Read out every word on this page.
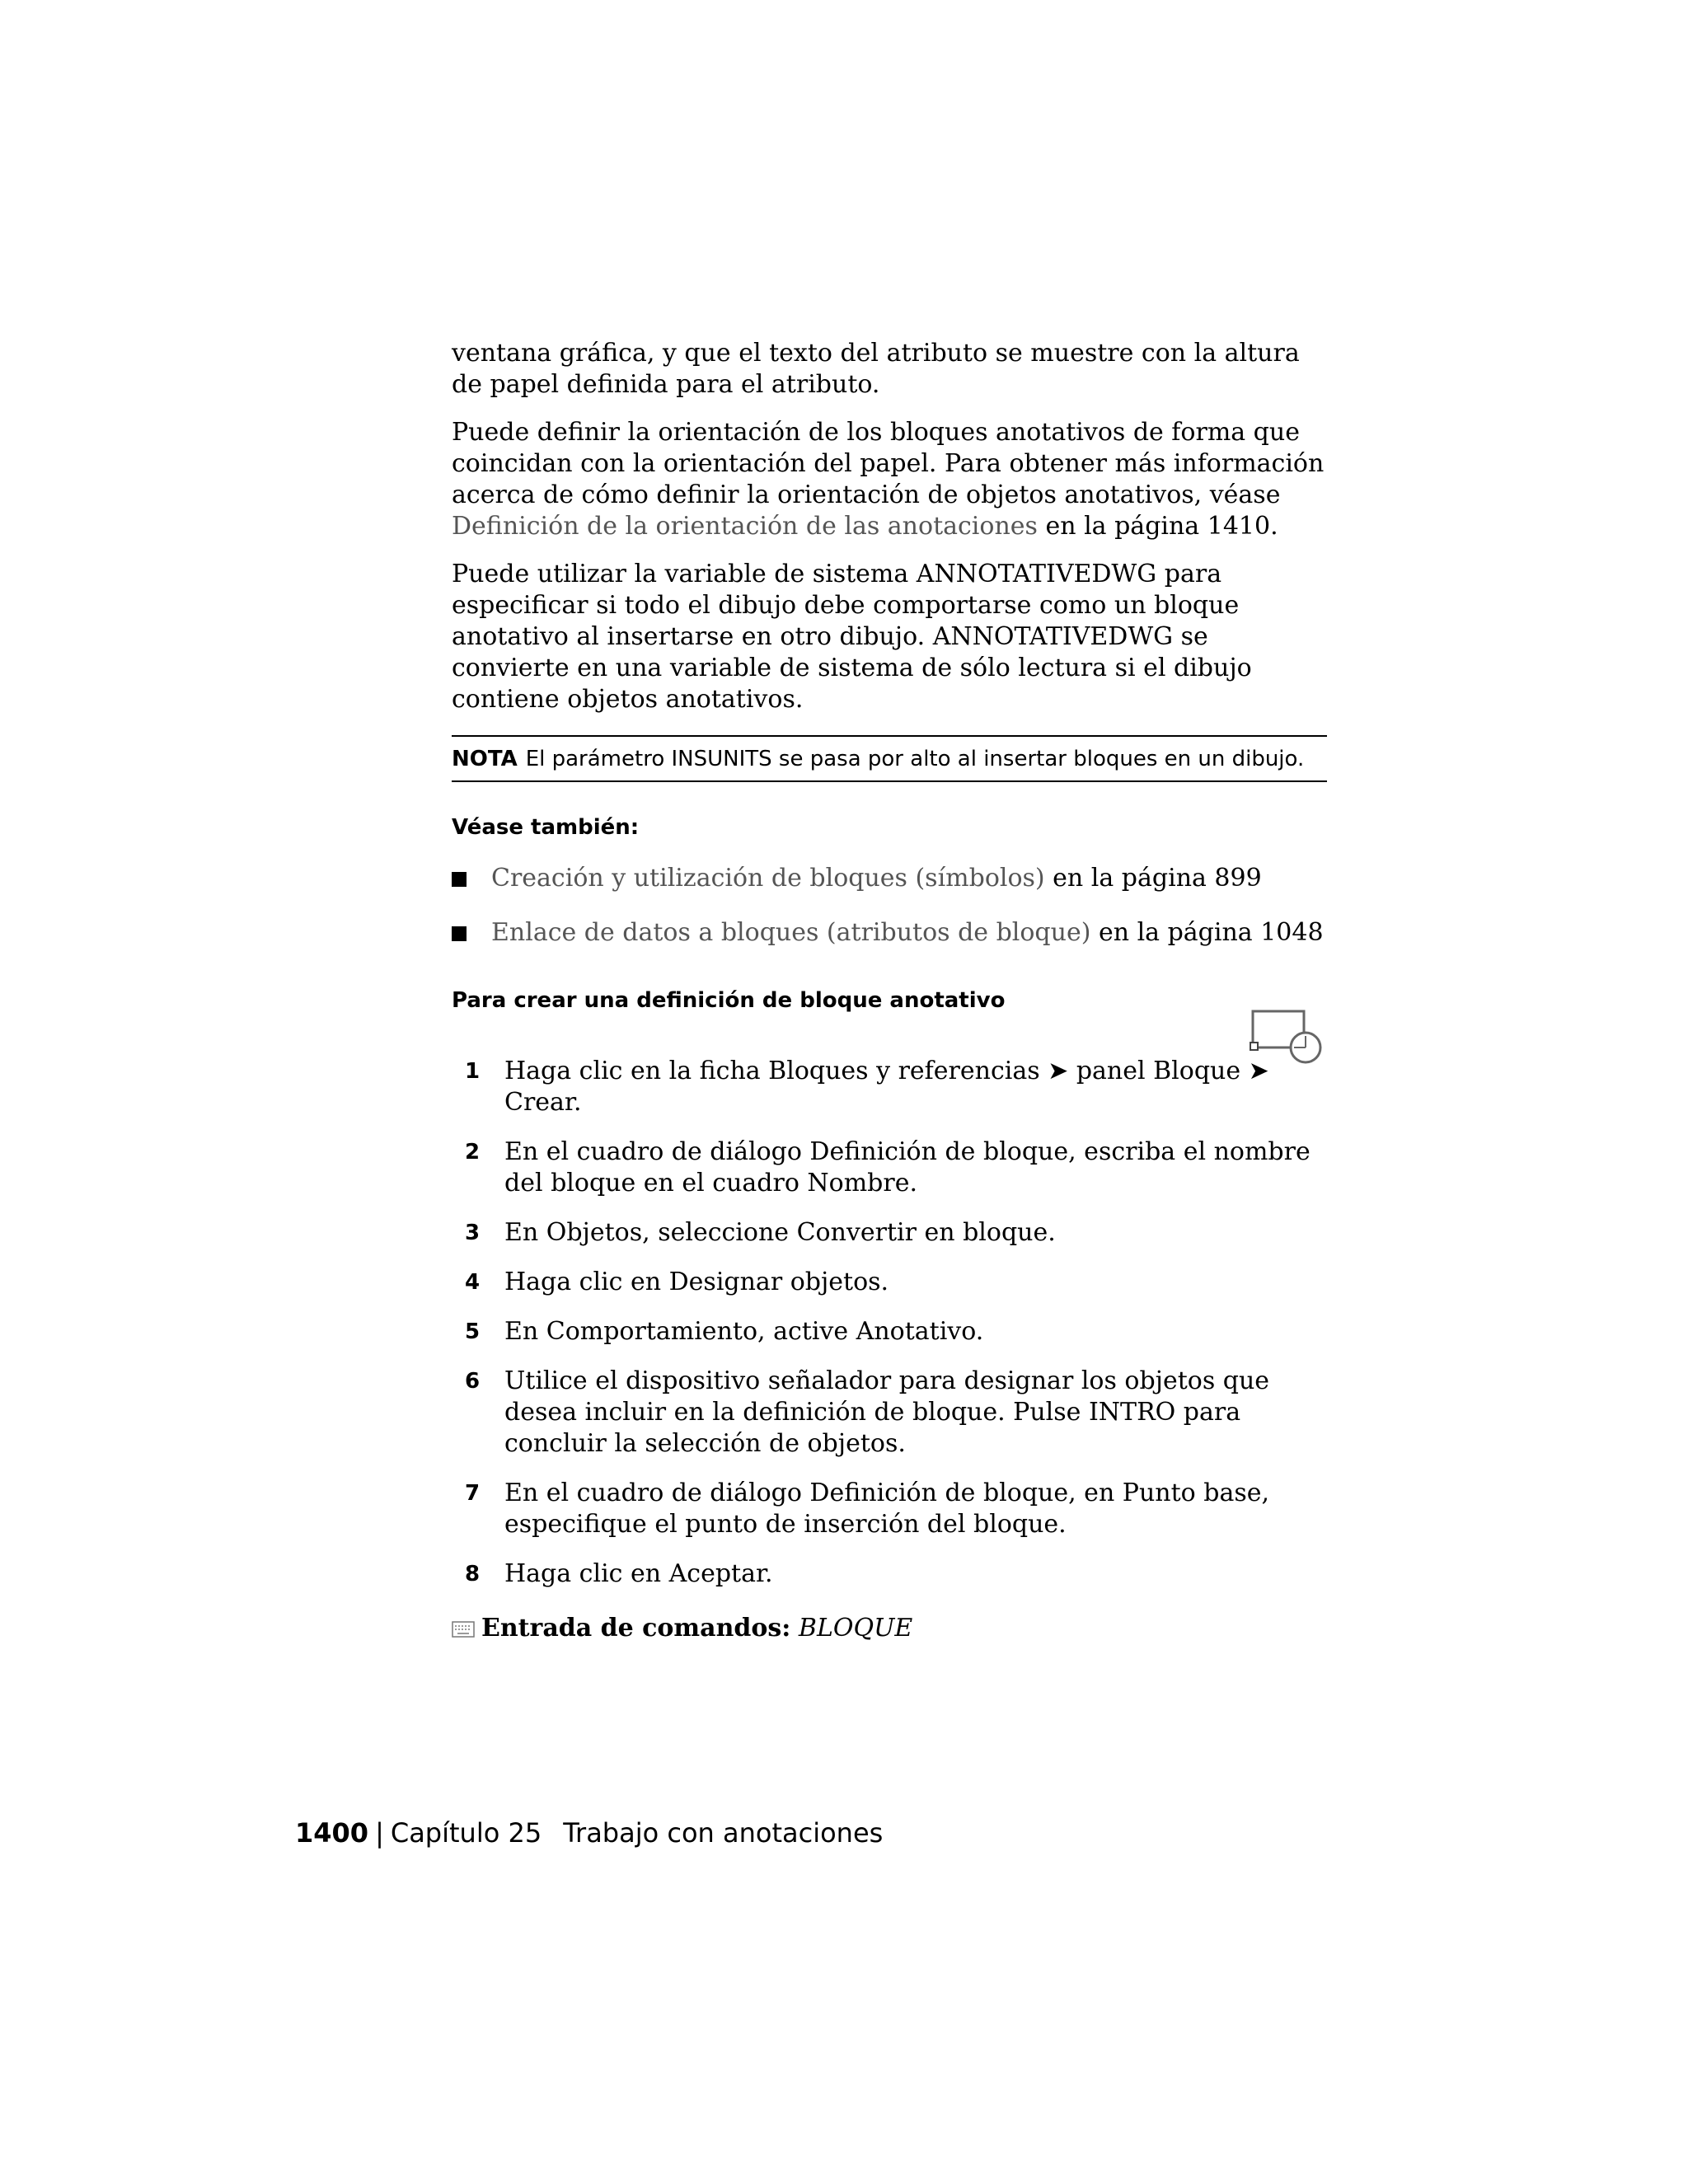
ventana gráfica, y que el texto del atributo se muestre con la altura de papel definida para el atributo.

Puede definir la orientación de los bloques anotativos de forma que coincidan con la orientación del papel. Para obtener más información acerca de cómo definir la orientación de objetos anotativos, véase Definición de la orientación de las anotaciones en la página 1410.

Puede utilizar la variable de sistema ANNOTATIVEDWG para especificar si todo el dibujo debe comportarse como un bloque anotativo al insertarse en otro dibujo. ANNOTATIVEDWG se convierte en una variable de sistema de sólo lectura si el dibujo contiene objetos anotativos.

NOTA El parámetro INSUNITS se pasa por alto al insertar bloques en un dibujo.
Véase también:
Creación y utilización de bloques (símbolos) en la página 899
Enlace de datos a bloques (atributos de bloque) en la página 1048
Para crear una definición de bloque anotativo
1 Haga clic en la ficha Bloques y referencias ➤ panel Bloque ➤ Crear.
2 En el cuadro de diálogo Definición de bloque, escriba el nombre del bloque en el cuadro Nombre.
3 En Objetos, seleccione Convertir en bloque.
4 Haga clic en Designar objetos.
5 En Comportamiento, active Anotativo.
6 Utilice el dispositivo señalador para designar los objetos que desea incluir en la definición de bloque. Pulse INTRO para concluir la selección de objetos.
7 En el cuadro de diálogo Definición de bloque, en Punto base, especifique el punto de inserción del bloque.
8 Haga clic en Aceptar.
Entrada de comandos: BLOQUE
1400 | Capítulo 25 Trabajo con anotaciones
